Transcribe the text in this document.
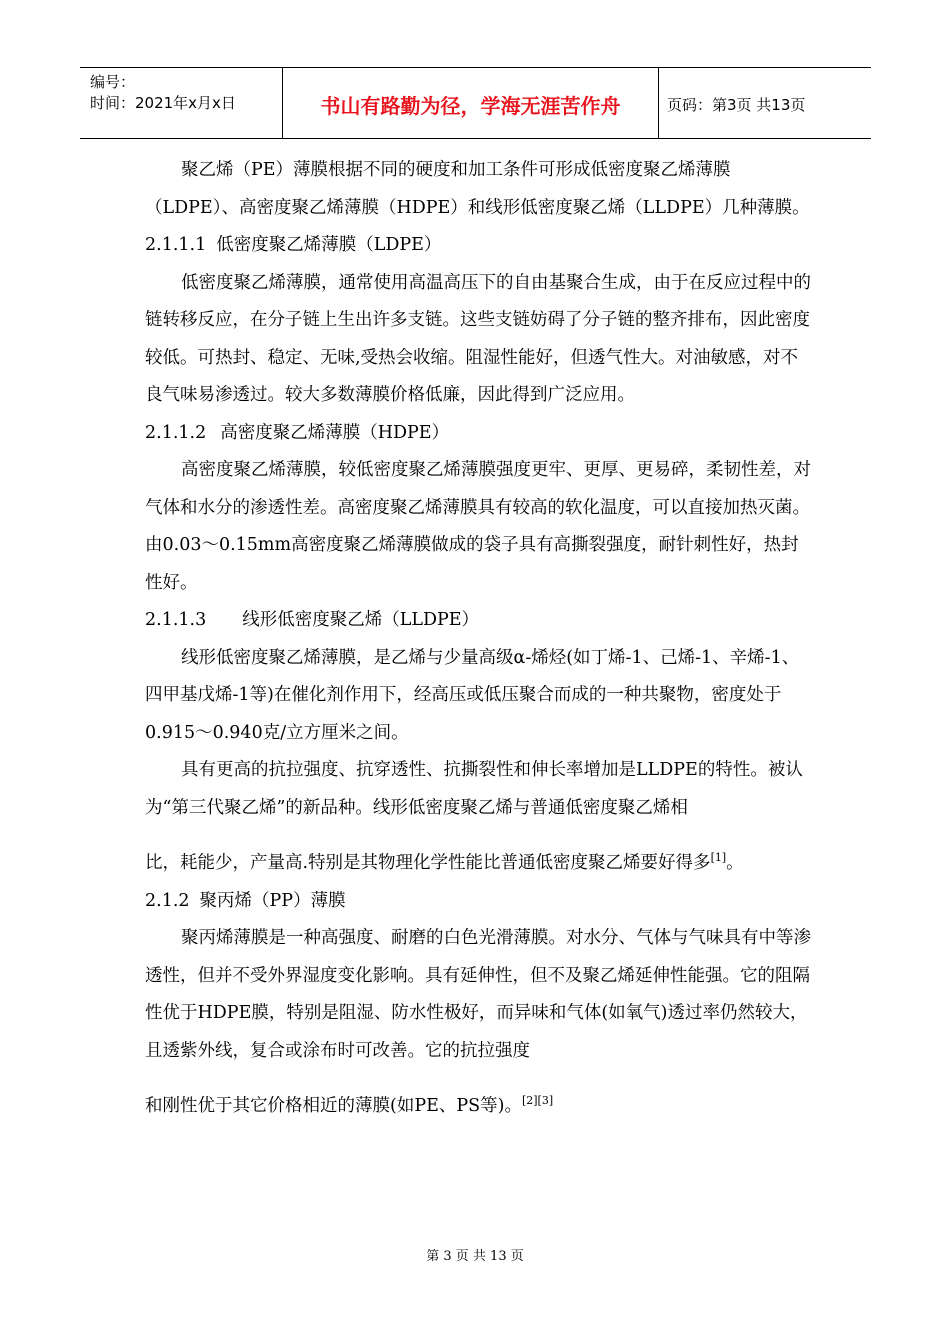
编号：
时间：2021年x月x日	书山有路勤为径，学海无涯苦作舟	页码：第3页 共13页

聚乙烯（PE）薄膜根据不同的硬度和加工条件可形成低密度聚乙烯薄膜（LDPE）、高密度聚乙烯薄膜（HDPE）和线形低密度聚乙烯（LLDPE）几种薄膜。

2.1.1.1 低密度聚乙烯薄膜（LDPE）

低密度聚乙烯薄膜，通常使用高温高压下的自由基聚合生成，由于在反应过程中的链转移反应，在分子链上生出许多支链。这些支链妨碍了分子链的整齐排布，因此密度较低。可热封、稳定、无味,受热会收缩。阻湿性能好，但透气性大。对油敏感，对不良气味易渗透过。较大多数薄膜价格低廉，因此得到广泛应用。

2.1.1.2 高密度聚乙烯薄膜（HDPE）

高密度聚乙烯薄膜，较低密度聚乙烯薄膜强度更牢、更厚、更易碎，柔韧性差，对气体和水分的渗透性差。高密度聚乙烯薄膜具有较高的软化温度，可以直接加热灭菌。由0.03～0.15mm高密度聚乙烯薄膜做成的袋子具有高撕裂强度，耐针刺性好，热封性好。

2.1.1.3 线形低密度聚乙烯（LLDPE）

线形低密度聚乙烯薄膜，是乙烯与少量高级α-烯烃(如丁烯-1、己烯-1、辛烯-1、四甲基戊烯-1等)在催化剂作用下，经高压或低压聚合而成的一种共聚物，密度处于0.915～0.940克/立方厘米之间。

具有更高的抗拉强度、抗穿透性、抗撕裂性和伸长率增加是LLDPE的特性。被认为“第三代聚乙烯”的新品种。线形低密度聚乙烯与普通低密度聚乙烯相

比，耗能少，产量高.特别是其物理化学性能比普通低密度聚乙烯要好得多[1]。

2.1.2 聚丙烯（PP）薄膜

聚丙烯薄膜是一种高强度、耐磨的白色光滑薄膜。对水分、气体与气味具有中等渗透性，但并不受外界湿度变化影响。具有延伸性，但不及聚乙烯延伸性能强。它的阻隔性优于HDPE膜，特别是阻湿、防水性极好，而异味和气体(如氧气)透过率仍然较大，且透紫外线，复合或涂布时可改善。它的抗拉强度

和刚性优于其它价格相近的薄膜(如PE、PS等)。[2][3]

第 3 页 共 13 页
